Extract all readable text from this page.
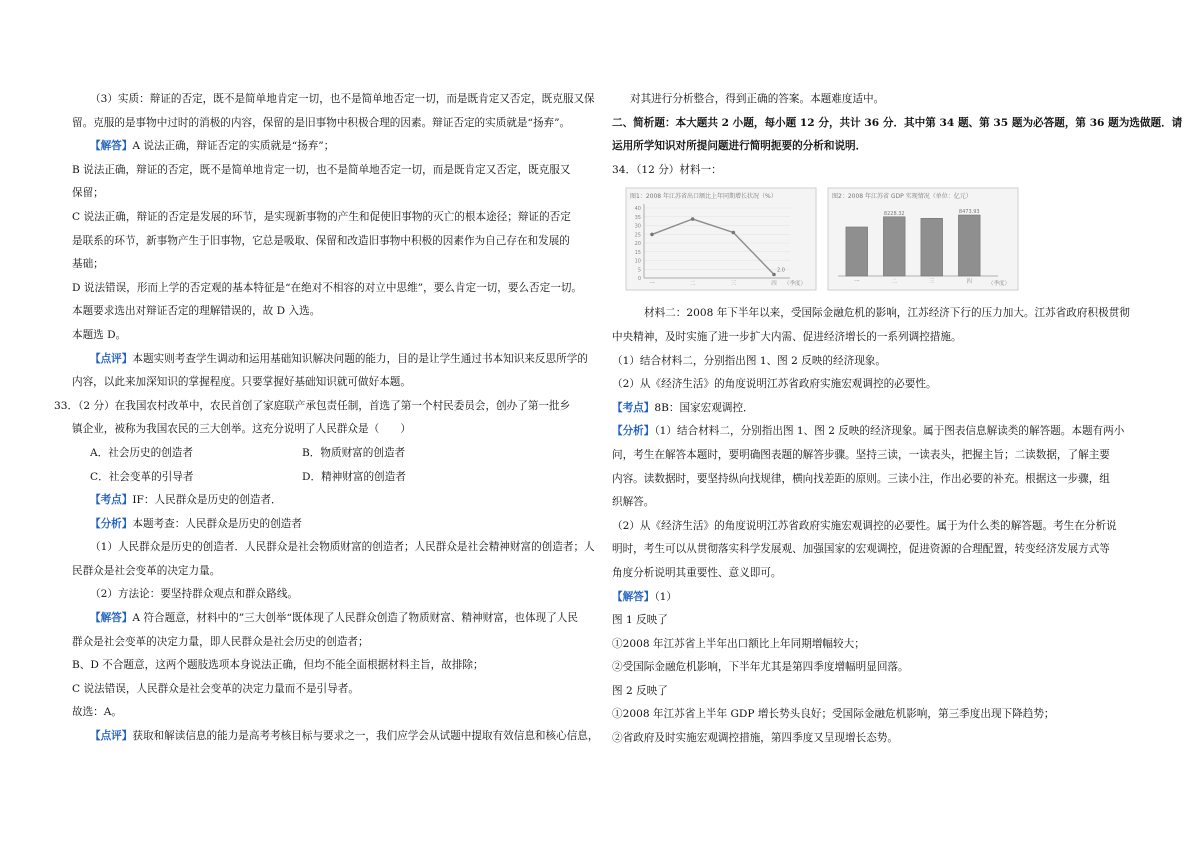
（3）实质：辩证的否定，既不是简单地肯定一切，也不是简单地否定一切，而是既肯定又否定，既克服又保

留。克服的是事物中过时的消极的内容，保留的是旧事物中积极合理的因素。辩证否定的实质就是“扬弃”。

【解答】A 说法正确，辩证否定的实质就是“扬弃”；

B 说法正确，辩证的否定，既不是简单地肯定一切，也不是简单地否定一切，而是既肯定又否定，既克服又

保留；

C 说法正确，辩证的否定是发展的环节，是实现新事物的产生和促使旧事物的灭亡的根本途径；辩证的否定

是联系的环节，新事物产生于旧事物，它总是吸取、保留和改造旧事物中积极的因素作为自己存在和发展的

基础；

D 说法错误，形而上学的否定观的基本特征是“在绝对不相容的对立中思维”，要么肯定一切，要么否定一切。

本题要求选出对辩证否定的理解错误的，故 D 入选。

本题选 D。

【点评】本题实则考查学生调动和运用基础知识解决问题的能力，目的是让学生通过书本知识来反思所学的

内容，以此来加深知识的掌握程度。只要掌握好基础知识就可做好本题。

33．（2 分）在我国农村改革中，农民首创了家庭联产承包责任制，首选了第一个村民委员会，创办了第一批乡

镇企业，被称为我国农民的三大创举。这充分说明了人民群众是（　　）

A．社会历史的创造者	B．物质财富的创造者

C．社会变革的引导者	D．精神财富的创造者

【考点】IF：人民群众是历史的创造者．

【分析】本题考查：人民群众是历史的创造者

（1）人民群众是历史的创造者．人民群众是社会物质财富的创造者；人民群众是社会精神财富的创造者；人

民群众是社会变革的决定力量。

（2）方法论：要坚持群众观点和群众路线。

【解答】A 符合题意，材料中的”三大创举“既体现了人民群众创造了物质财富、精神财富，也体现了人民

群众是社会变革的决定力量，即人民群众是社会历史的创造者；

B、D 不合题意，这两个题肢选项本身说法正确，但均不能全面根据材料主旨，故排除；

C 说法错误，人民群众是社会变革的决定力量而不是引导者。

故选：A。

【点评】获取和解读信息的能力是高考考核目标与要求之一，我们应学会从试题中提取有效信息和核心信息，

对其进行分析整合，得到正确的答案。本题难度适中。

二、简析题：本大题共 2 小题，每小题 12 分，共计 36 分．其中第 34 题、第 35 题为必答题，第 36 题为选做题．请

运用所学知识对所提问题进行简明扼要的分析和说明．

34．（12 分）材料一：

图1：2008 年江苏省出口额比上年同期增长状况（%）
0
5
10
15
20
25
30
35
40
2.0
一	二	三	四 （季度）
图2：2008 年江苏省 GDP 实现情况（单位：亿元）
8228.32	8473.93
一	二	三	四	（季度）

材料二：2008 年下半年以来，受国际金融危机的影响，江苏经济下行的压力加大。江苏省政府积极贯彻

中央精神，及时实施了进一步扩大内需、促进经济增长的一系列调控措施。

（1）结合材料二，分别指出图 1、图 2 反映的经济现象。

（2）从《经济生活》的角度说明江苏省政府实施宏观调控的必要性。

【考点】8B：国家宏观调控．

【分析】（1）结合材料二，分别指出图 1、图 2 反映的经济现象。属于图表信息解读类的解答题。本题有两小

问，考生在解答本题时，要明确图表题的解答步骤。坚持三读，一读表头，把握主旨；二读数据，了解主要

内容。读数据时，要坚持纵向找规律，横向找差距的原则。三读小注，作出必要的补充。根据这一步骤，组

织解答。

（2）从《经济生活》的角度说明江苏省政府实施宏观调控的必要性。属于为什么类的解答题。考生在分析说

明时，考生可以从贯彻落实科学发展观、加强国家的宏观调控，促进资源的合理配置，转变经济发展方式等

角度分析说明其重要性、意义即可。

【解答】（1）

图 1 反映了

①2008 年江苏省上半年出口额比上年同期增幅较大；

②受国际金融危机影响，下半年尤其是第四季度增幅明显回落。

图 2 反映了

①2008 年江苏省上半年 GDP 增长势头良好；受国际金融危机影响，第三季度出现下降趋势；

②省政府及时实施宏观调控措施，第四季度又呈现增长态势。
